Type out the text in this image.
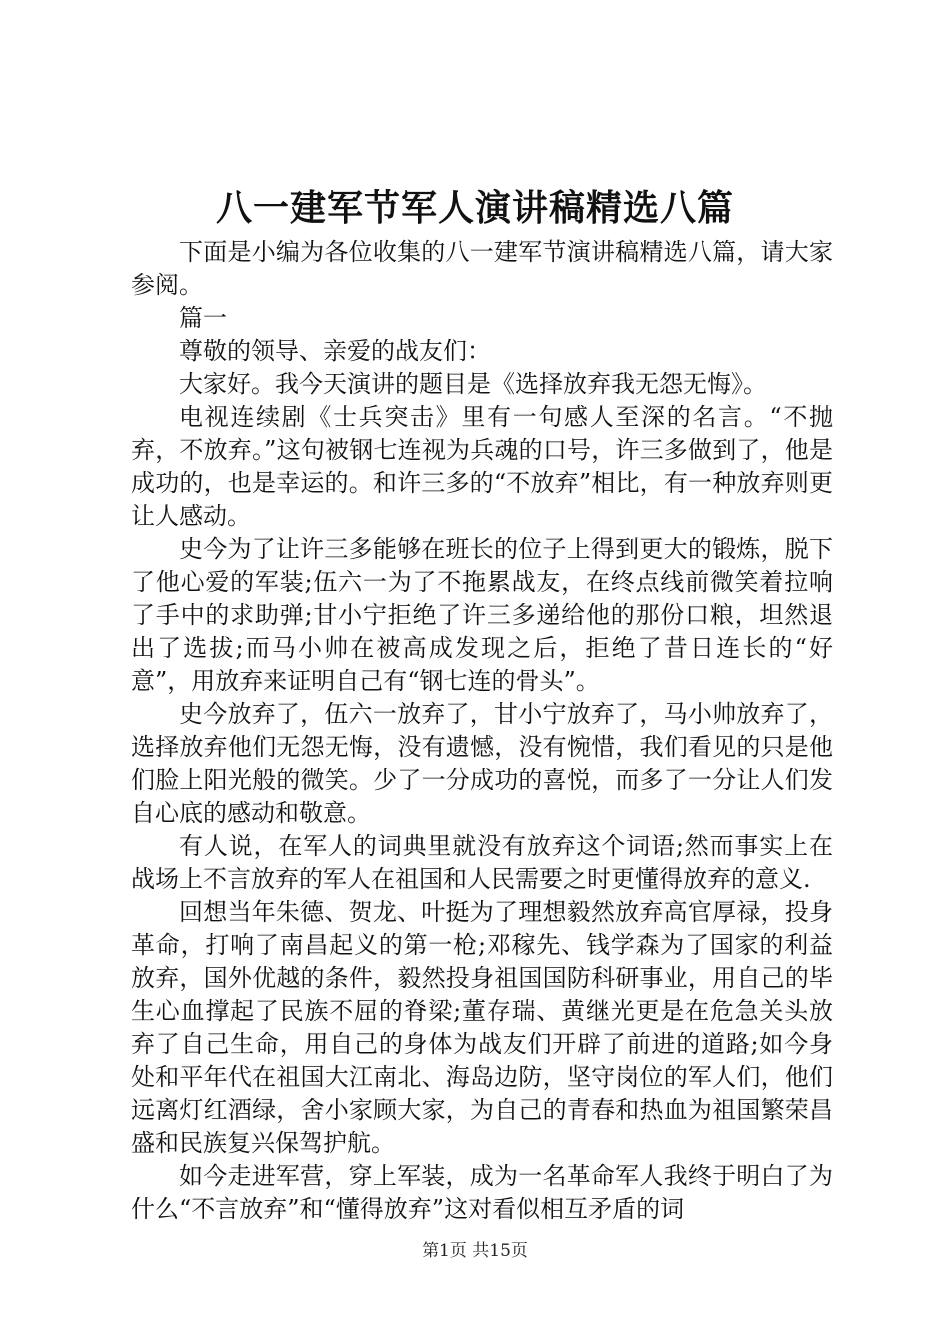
八一建军节军人演讲稿精选八篇

下面是小编为各位收集的八一建军节演讲稿精选八篇，请大家参阅。

篇一

尊敬的领导、亲爱的战友们：

大家好。我今天演讲的题目是《选择放弃我无怨无悔》。

电视连续剧《士兵突击》里有一句感人至深的名言。“不抛弃，不放弃。”这句被钢七连视为兵魂的口号，许三多做到了，他是成功的，也是幸运的。和许三多的“不放弃”相比，有一种放弃则更让人感动。

史今为了让许三多能够在班长的位子上得到更大的锻炼，脱下了他心爱的军装;伍六一为了不拖累战友，在终点线前微笑着拉响了手中的求助弹;甘小宁拒绝了许三多递给他的那份口粮，坦然退出了选拔;而马小帅在被高成发现之后，拒绝了昔日连长的“好意”，用放弃来证明自己有“钢七连的骨头”。

史今放弃了，伍六一放弃了，甘小宁放弃了，马小帅放弃了，选择放弃他们无怨无悔，没有遗憾，没有惋惜，我们看见的只是他们脸上阳光般的微笑。少了一分成功的喜悦，而多了一分让人们发自心底的感动和敬意。

有人说，在军人的词典里就没有放弃这个词语;然而事实上在战场上不言放弃的军人在祖国和人民需要之时更懂得放弃的意义.

回想当年朱德、贺龙、叶挺为了理想毅然放弃高官厚禄，投身革命，打响了南昌起义的第一枪;邓稼先、钱学森为了国家的利益放弃，国外优越的条件，毅然投身祖国国防科研事业，用自己的毕生心血撑起了民族不屈的脊梁;董存瑞、黄继光更是在危急关头放弃了自己生命，用自己的身体为战友们开辟了前进的道路;如今身处和平年代在祖国大江南北、海岛边防，坚守岗位的军人们，他们远离灯红酒绿，舍小家顾大家，为自己的青春和热血为祖国繁荣昌盛和民族复兴保驾护航。

如今走进军营，穿上军装，成为一名革命军人我终于明白了为什么“不言放弃”和“懂得放弃”这对看似相互矛盾的词

第1页 共15页
